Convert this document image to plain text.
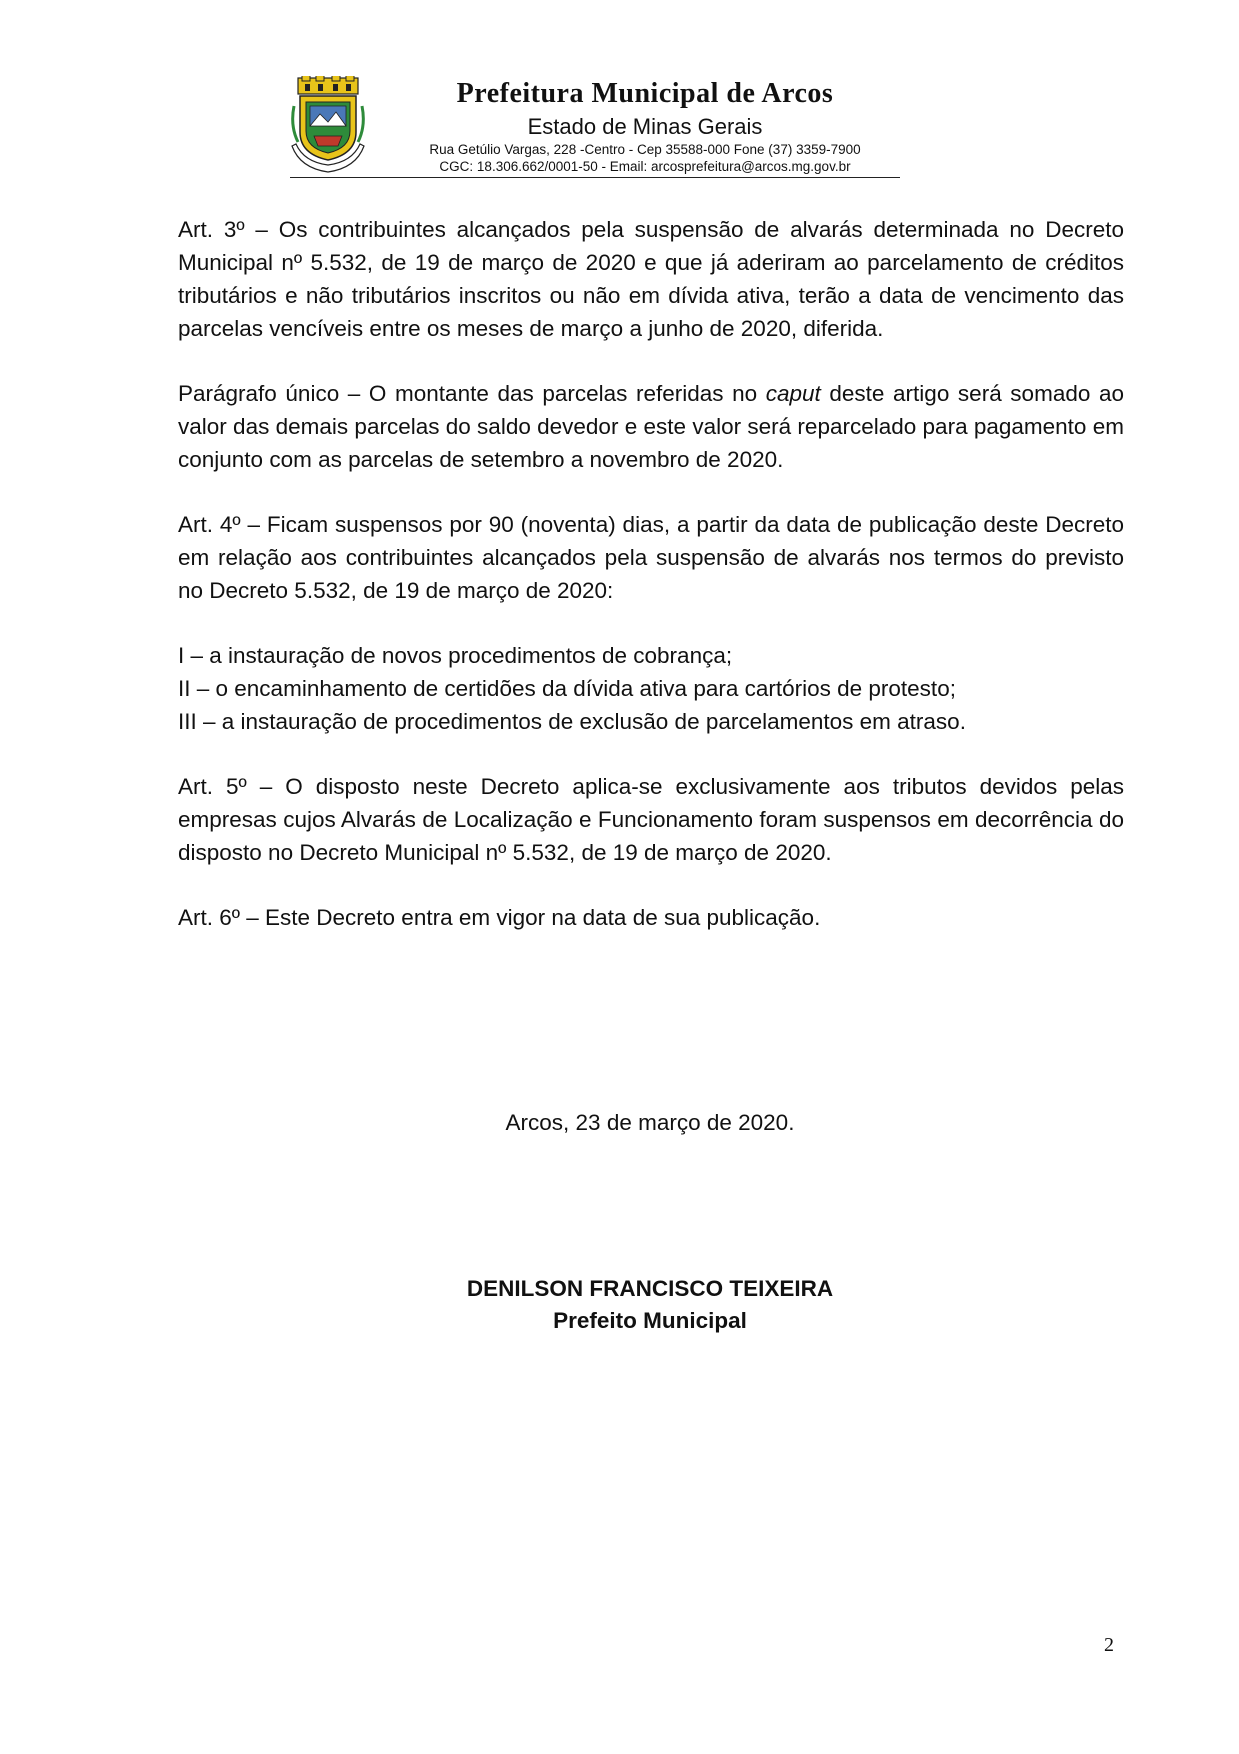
Prefeitura Municipal de Arcos
Estado de Minas Gerais
Rua Getúlio Vargas, 228 -Centro - Cep 35588-000 Fone (37) 3359-7900
CGC: 18.306.662/0001-50 - Email: arcosprefeitura@arcos.mg.gov.br

Art. 3º – Os contribuintes alcançados pela suspensão de alvarás determinada no Decreto Municipal nº 5.532, de 19 de março de 2020 e que já aderiram ao parcelamento de créditos tributários e não tributários inscritos ou não em dívida ativa, terão a data de vencimento das parcelas vencíveis entre os meses de março a junho de 2020, diferida.

Parágrafo único – O montante das parcelas referidas no caput deste artigo será somado ao valor das demais parcelas do saldo devedor e este valor será reparcelado para pagamento em conjunto com as parcelas de setembro a novembro de 2020.

Art. 4º – Ficam suspensos por 90 (noventa) dias, a partir da data de publicação deste Decreto em relação aos contribuintes alcançados pela suspensão de alvarás nos termos do previsto no Decreto 5.532, de 19 de março de 2020:

I – a instauração de novos procedimentos de cobrança;
II – o encaminhamento de certidões da dívida ativa para cartórios de protesto;
III – a instauração de procedimentos de exclusão de parcelamentos em atraso.

Art. 5º – O disposto neste Decreto aplica-se exclusivamente aos tributos devidos pelas empresas cujos Alvarás de Localização e Funcionamento foram suspensos em decorrência do disposto no Decreto Municipal nº 5.532, de 19 de março de 2020.

Art. 6º – Este Decreto entra em vigor na data de sua publicação.

Arcos, 23 de março de 2020.
DENILSON FRANCISCO TEIXEIRA
Prefeito Municipal
2
